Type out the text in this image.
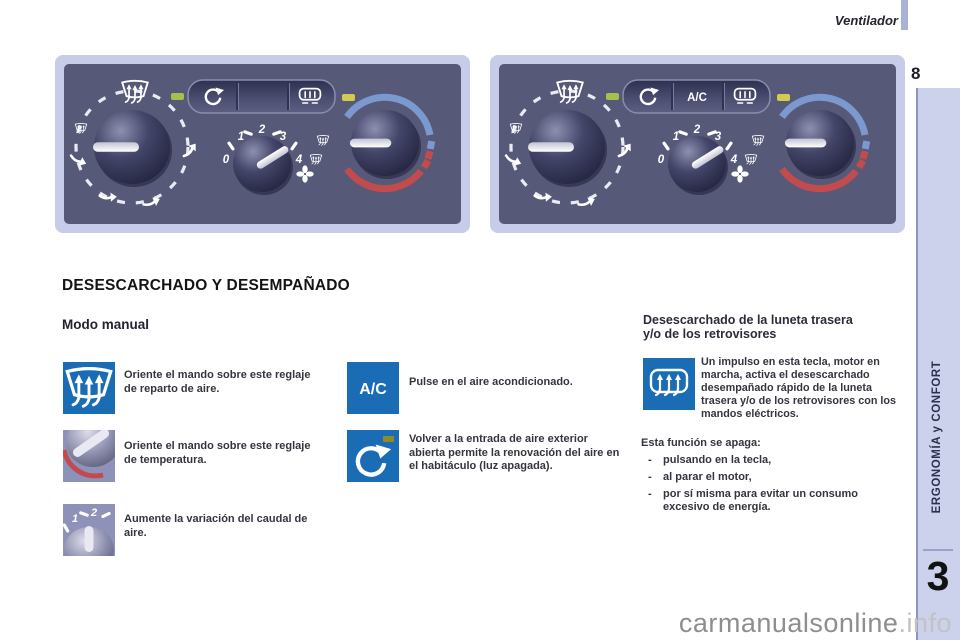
Ventilador
8
0
1
2
3
4
A/C
0
1
2
3
4
DESESCARCHADO Y DESEMPAÑADO
Modo manual
Oriente el mando sobre este reglaje de reparto de aire.
Oriente el mando sobre este reglaje de temperatura.
1 2 Aumente la variación del caudal de aire.
A/C Pulse en el aire acondicionado.
Volver a la entrada de aire exterior abierta permite la renovación del aire en el habitáculo (luz apagada).
Desescarchado de la luneta trasera y/o de los retrovisores
Un impulso en esta tecla, motor en marcha, activa el desescarchado desempañado rápido de la luneta trasera y/o de los retrovisores con los mandos eléctricos.
Esta función se apaga:
-	pulsando en la tecla,
-	al parar el motor,
-	por sí misma para evitar un consumo excesivo de energía.	ERGONOMÍA y CONFORT
3
carmanualsonline.info
